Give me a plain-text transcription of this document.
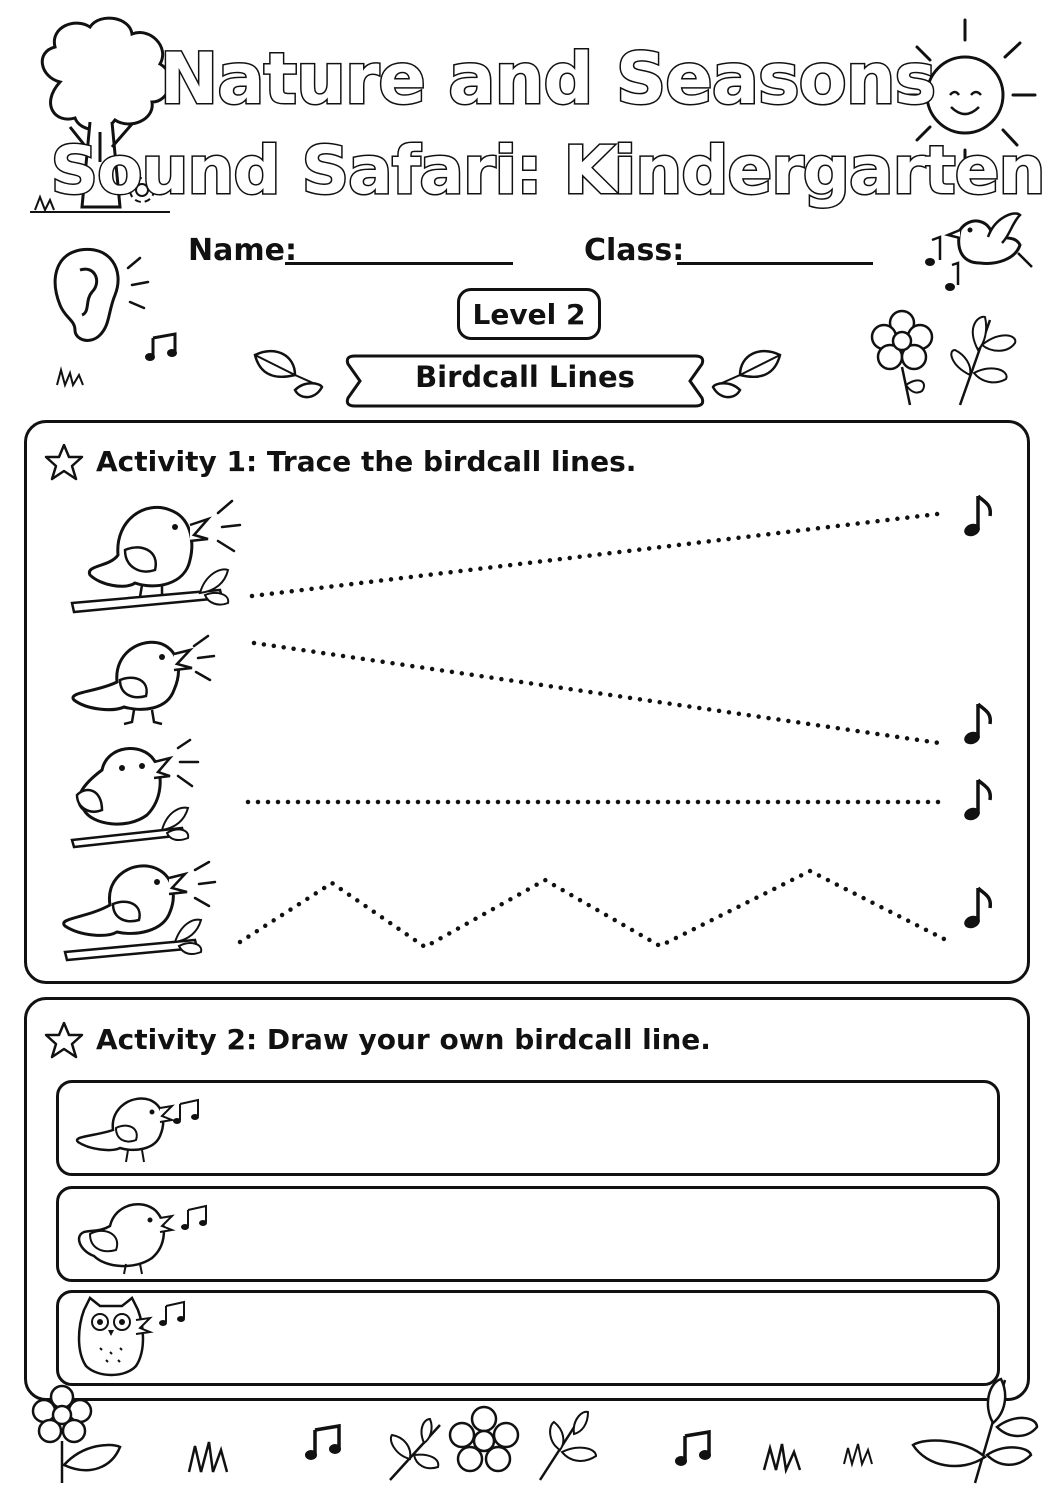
Nature and Seasons
Sound Safari: Kindergarten
Name:	Class:
Level 2
Birdcall Lines
Activity 1: Trace the birdcall lines.
Activity 2: Draw your own birdcall line.
